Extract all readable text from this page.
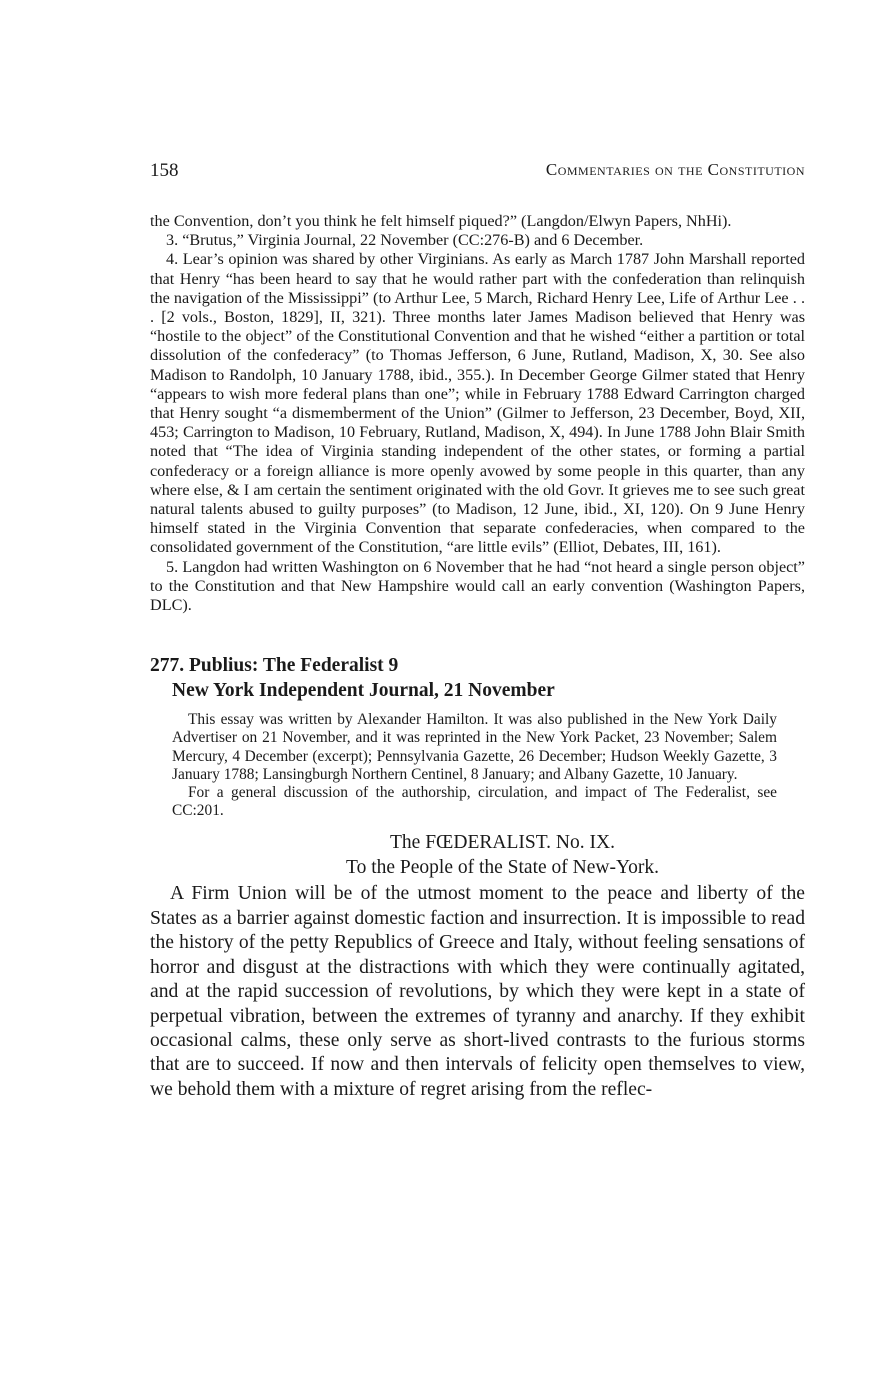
158	Commentaries on the Constitution

the Convention, don’t you think he felt himself piqued?” (Langdon/Elwyn Papers, NhHi).

3. “Brutus,” Virginia Journal, 22 November (CC:276-B) and 6 December.

4. Lear’s opinion was shared by other Virginians. As early as March 1787 John Marshall reported that Henry “has been heard to say that he would rather part with the confederation than relinquish the navigation of the Mississippi” (to Arthur Lee, 5 March, Richard Henry Lee, Life of Arthur Lee . . . [2 vols., Boston, 1829], II, 321). Three months later James Madison believed that Henry was “hostile to the object” of the Constitutional Convention and that he wished “either a partition or total dissolution of the confederacy” (to Thomas Jefferson, 6 June, Rutland, Madison, X, 30. See also Madison to Randolph, 10 January 1788, ibid., 355.). In December George Gilmer stated that Henry “appears to wish more federal plans than one”; while in February 1788 Edward Carrington charged that Henry sought “a dismemberment of the Union” (Gilmer to Jefferson, 23 December, Boyd, XII, 453; Carrington to Madison, 10 February, Rutland, Madison, X, 494). In June 1788 John Blair Smith noted that “The idea of Virginia standing independent of the other states, or forming a partial confederacy or a foreign alliance is more openly avowed by some people in this quarter, than any where else, & I am certain the sentiment originated with the old Govr. It grieves me to see such great natural talents abused to guilty purposes” (to Madison, 12 June, ibid., XI, 120). On 9 June Henry himself stated in the Virginia Convention that separate confederacies, when compared to the consolidated government of the Constitution, “are little evils” (Elliot, Debates, III, 161).

5. Langdon had written Washington on 6 November that he had “not heard a single person object” to the Constitution and that New Hampshire would call an early convention (Washington Papers, DLC).

277. Publius: The Federalist 9
New York Independent Journal, 21 November

This essay was written by Alexander Hamilton. It was also published in the New York Daily Advertiser on 21 November, and it was reprinted in the New York Packet, 23 November; Salem Mercury, 4 December (excerpt); Pennsylvania Gazette, 26 December; Hudson Weekly Gazette, 3 January 1788; Lansingburgh Northern Centinel, 8 January; and Albany Gazette, 10 January.

For a general discussion of the authorship, circulation, and impact of The Federalist, see CC:201.

The FŒDERALIST. No. IX.
To the People of the State of New-York.

A Firm Union will be of the utmost moment to the peace and liberty of the States as a barrier against domestic faction and insurrection. It is impossible to read the history of the petty Republics of Greece and Italy, without feeling sensations of horror and disgust at the distractions with which they were continually agitated, and at the rapid succession of revolutions, by which they were kept in a state of perpetual vibration, between the extremes of tyranny and anarchy. If they exhibit occasional calms, these only serve as short-lived contrasts to the furious storms that are to succeed. If now and then intervals of felicity open themselves to view, we behold them with a mixture of regret arising from the reflec-
